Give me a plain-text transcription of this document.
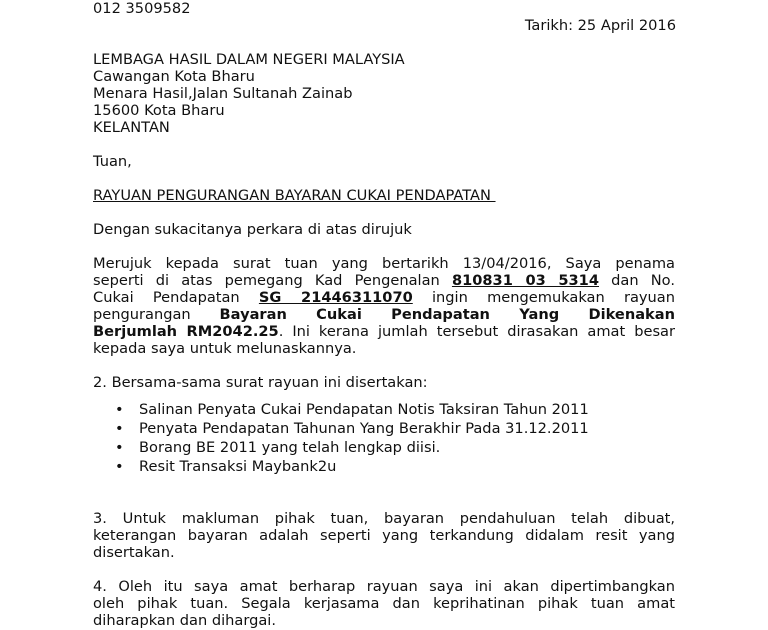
012 3509582
Tarikh: 25 April 2016
LEMBAGA HASIL DALAM NEGERI MALAYSIA
Cawangan Kota Bharu
Menara Hasil,Jalan Sultanah Zainab
15600 Kota Bharu
KELANTAN
Tuan,
RAYUAN PENGURANGAN BAYARAN CUKAI PENDAPATAN
Dengan sukacitanya perkara di atas dirujuk
Merujuk kepada surat tuan yang bertarikh 13/04/2016, Saya penama
seperti di atas pemegang Kad Pengenalan 810831 03 5314 dan No.
Cukai Pendapatan SG 21446311070 ingin mengemukakan rayuan
pengurangan Bayaran Cukai Pendapatan Yang Dikenakan
Berjumlah RM2042.25. Ini kerana jumlah tersebut dirasakan amat besar
kepada saya untuk melunaskannya.
2. Bersama-sama surat rayuan ini disertakan:
• Salinan Penyata Cukai Pendapatan Notis Taksiran Tahun 2011
• Penyata Pendapatan Tahunan Yang Berakhir Pada 31.12.2011
• Borang BE 2011 yang telah lengkap diisi.
• Resit Transaksi Maybank2u
3. Untuk makluman pihak tuan, bayaran pendahuluan telah dibuat,
keterangan bayaran adalah seperti yang terkandung didalam resit yang
disertakan.
4. Oleh itu saya amat berharap rayuan saya ini akan dipertimbangkan
oleh pihak tuan. Segala kerjasama dan keprihatinan pihak tuan amat
diharapkan dan dihargai.
